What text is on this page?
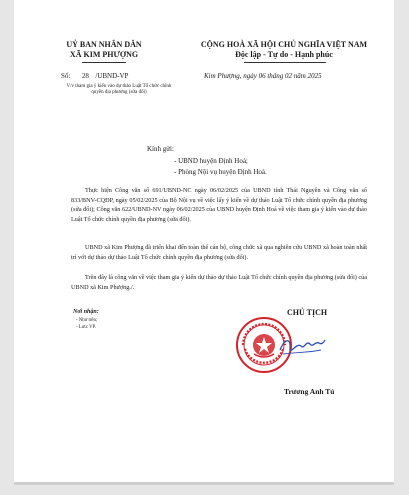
UỶ BAN NHÂN DÂN
XÃ KIM PHƯỢNG
CỘNG HOÀ XÃ HỘI CHỦ NGHĨA VIỆT NAM
Độc lập - Tự do - Hạnh phúc
Số: 28 /UBND-VP	Kim Phượng, ngày 06 tháng 02 năm 2025
V/v tham gia ý kiến vào dự thảo Luật Tổ chức chính quyền địa phương (sửa đổi)
Kính gửi:
- UBND huyện Định Hoá;
- Phòng Nội vụ huyện Định Hoá.
Thực hiện Công văn số 691/UBND-NC ngày 06/02/2025 của UBND tỉnh Thái Nguyên và Công văn số 833/BNV-CQĐP, ngày 05/02/2025 của Bộ Nội vụ về việc lấy ý kiến về dự thảo Luật Tổ chức chính quyền địa phương (sửa đổi); Công văn 622/UBND-NV ngày 06/02/2025 của UBND huyện Định Hoá về việc tham gia ý kiến vào dự thảo Luật Tổ chức chính quyền địa phương (sửa đổi).
UBND xã Kim Phượng đã triển khai đến toàn thể cán bộ, công chức xã qua nghiên cứu UBND xã hoàn toàn nhất trí với dự thảo dự thảo Luật Tổ chức chính quyền địa phương (sửa đổi).
Trên đây là công văn về việc tham gia ý kiến dự thảo dự thảo Luật Tổ chức chính quyền địa phương (sửa đổi) của UBND xã Kim Phượng./.
Nơi nhận:
- Như trên;
- Lưu: VP.
CHỦ TỊCH
Trương Anh Tú
